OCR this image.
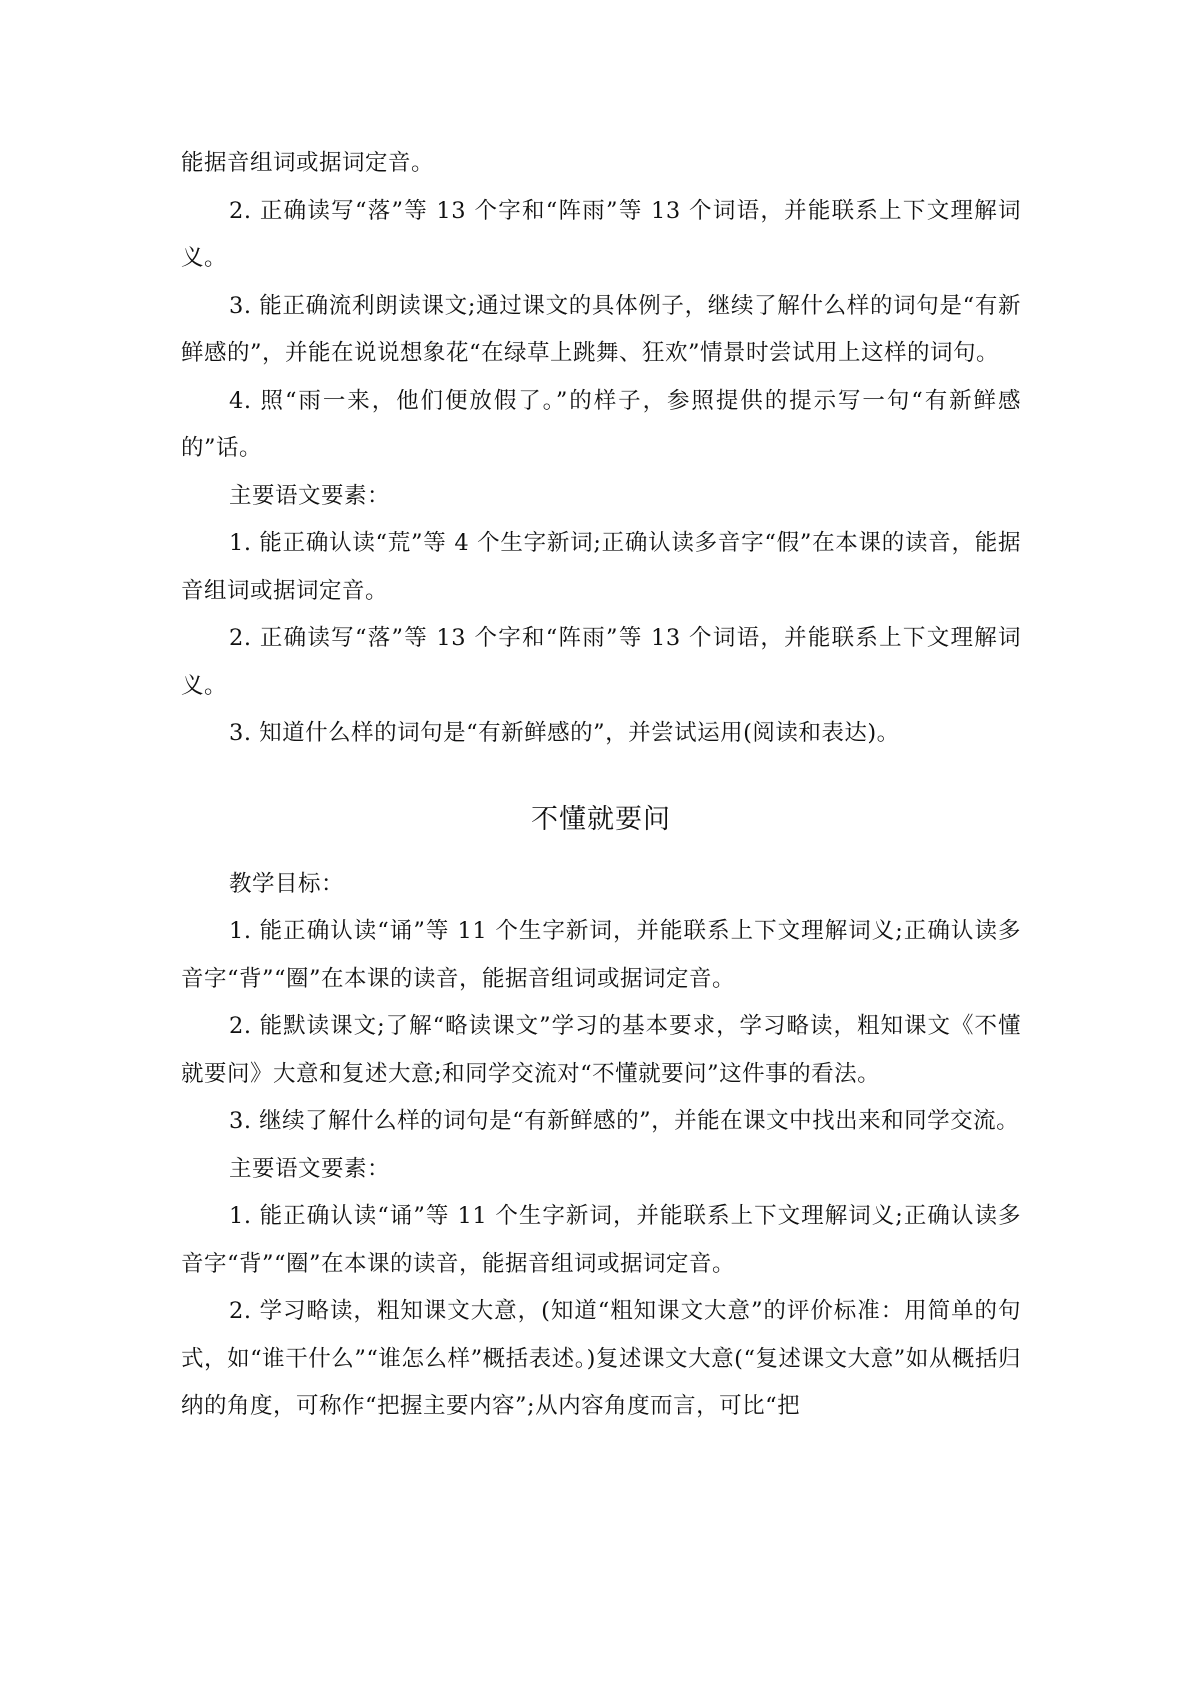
能据音组词或据词定音。

2. 正确读写“落”等 13 个字和“阵雨”等 13 个词语，并能联系上下文理解词义。

3. 能正确流利朗读课文;通过课文的具体例子，继续了解什么样的词句是“有新鲜感的”，并能在说说想象花“在绿草上跳舞、狂欢”情景时尝试用上这样的词句。

4. 照“雨一来，他们便放假了。”的样子，参照提供的提示写一句“有新鲜感的”话。

主要语文要素：

1. 能正确认读“荒”等 4 个生字新词;正确认读多音字“假”在本课的读音，能据音组词或据词定音。

2. 正确读写“落”等 13 个字和“阵雨”等 13 个词语，并能联系上下文理解词义。

3. 知道什么样的词句是“有新鲜感的”，并尝试运用(阅读和表达)。

不懂就要问

教学目标：

1. 能正确认读“诵”等 11 个生字新词，并能联系上下文理解词义;正确认读多音字“背”“圈”在本课的读音，能据音组词或据词定音。

2. 能默读课文;了解“略读课文”学习的基本要求，学习略读，粗知课文《不懂就要问》大意和复述大意;和同学交流对“不懂就要问”这件事的看法。

3. 继续了解什么样的词句是“有新鲜感的”，并能在课文中找出来和同学交流。

主要语文要素：

1. 能正确认读“诵”等 11 个生字新词，并能联系上下文理解词义;正确认读多音字“背”“圈”在本课的读音，能据音组词或据词定音。

2. 学习略读，粗知课文大意，(知道“粗知课文大意”的评价标准：用简单的句式，如“谁干什么”“谁怎么样”概括表述。)复述课文大意(“复述课文大意”如从概括归纳的角度，可称作“把握主要内容”;从内容角度而言，可比“把
